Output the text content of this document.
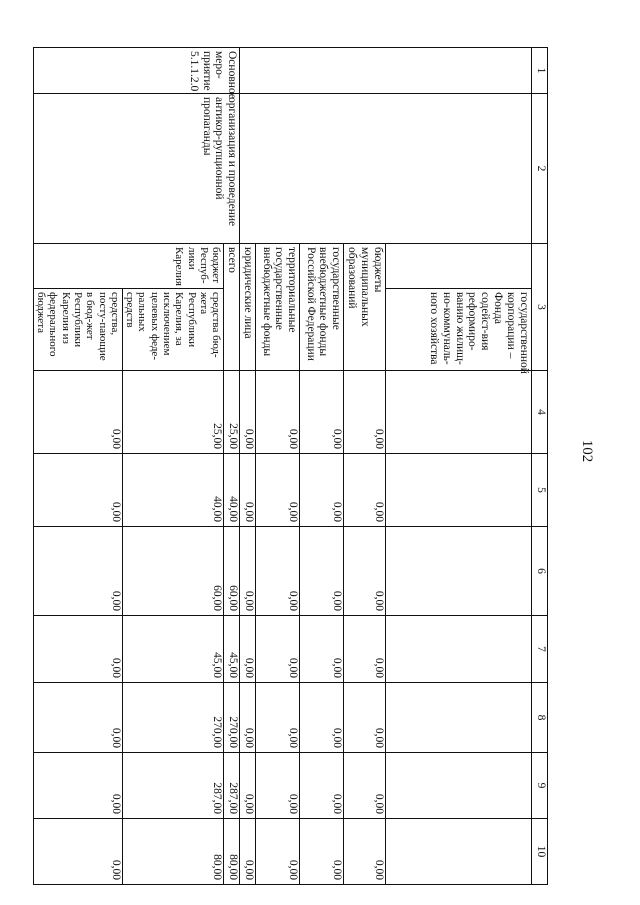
102
1	2	3		4	5	6	7	8	9	10
			государственной корпорации – Фонда содейст-вия реформиро-ванию жилищ-но-коммуналь-ного хозяйства							
		бюджеты муниципальных образований		0,00	0,00	0,00	0,00	0,00	0,00	0,00
		государственные внебюджетные фонды Российской Федерации		0,00	0,00	0,00	0,00	0,00	0,00	0,00
		территориальные государственные внебюджетные фонды		0,00	0,00	0,00	0,00	0,00	0,00	0,00
		юридические лица		0,00	0,00	0,00	0,00	0,00	0,00	0,00
Основное меро-приятие 5.1.1.2.0	организация и проведение антикор-рупционной пропаганды	всего		25,00	40,00	60,00	45,00	270,00	287,00	80,00
		бюджет Респуб-лики Карелия	средства бюд-жета Республики Карелия, за исключением целевых феде-ральных средств	25,00	40,00	60,00	45,00	270,00	287,00	80,00
			средства, посту-пающие в бюд-жет Республики Карелия из федерального бюджета	0,00	0,00	0,00	0,00	0,00	0,00	0,00
